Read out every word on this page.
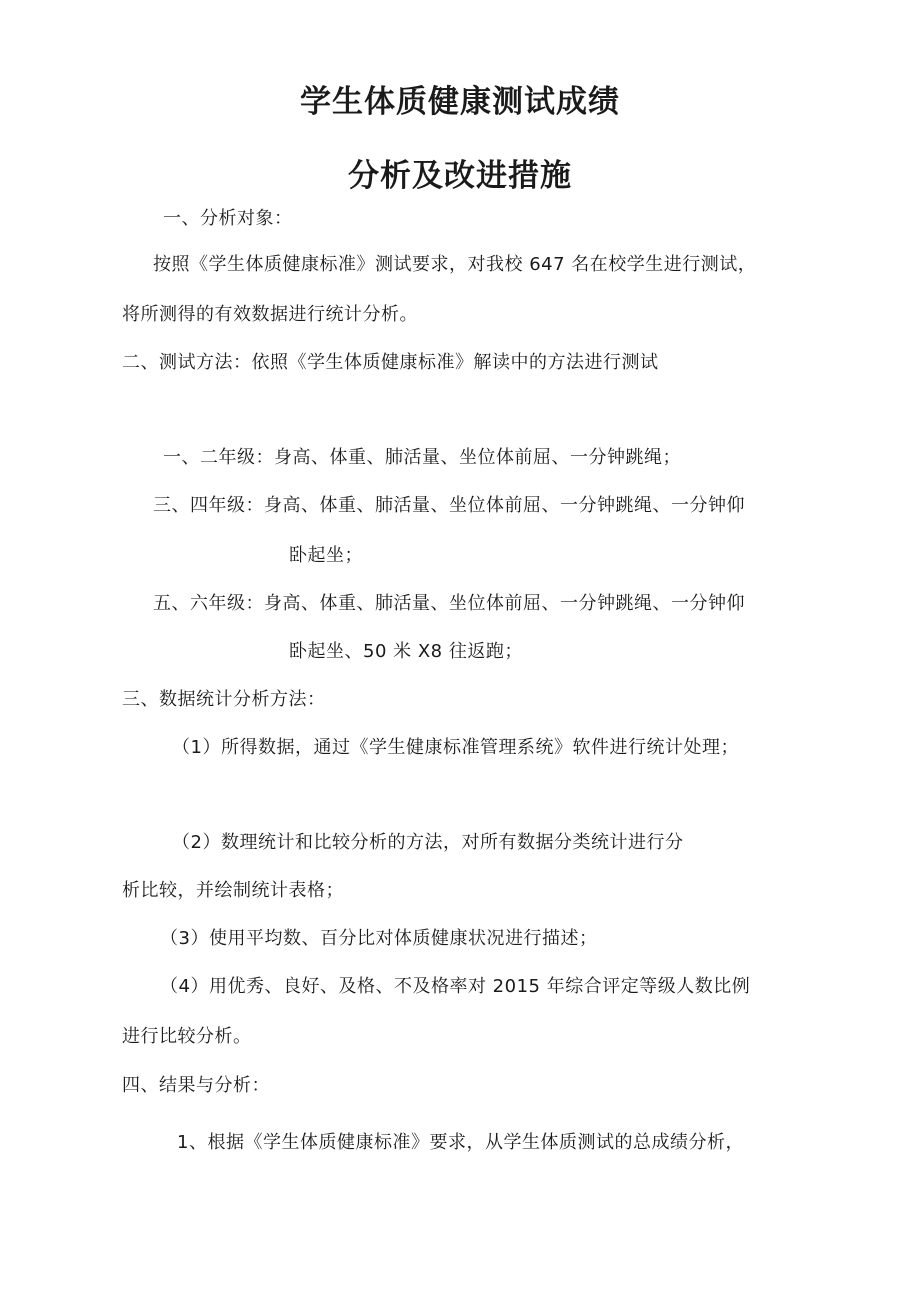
学生体质健康测试成绩
分析及改进措施
一、分析对象：
按照《学生体质健康标准》测试要求，对我校 647 名在校学生进行测试，
将所测得的有效数据进行统计分析。
二、测试方法：依照《学生体质健康标准》解读中的方法进行测试
一、二年级：身高、体重、肺活量、坐位体前屈、一分钟跳绳；
三、四年级：身高、体重、肺活量、坐位体前屈、一分钟跳绳、一分钟仰
卧起坐；
五、六年级：身高、体重、肺活量、坐位体前屈、一分钟跳绳、一分钟仰
卧起坐、50 米 X8 往返跑；
三、数据统计分析方法：
（1）所得数据，通过《学生健康标准管理系统》软件进行统计处理；
（2）数理统计和比较分析的方法，对所有数据分类统计进行分
析比较，并绘制统计表格；
（3）使用平均数、百分比对体质健康状况进行描述；
（4）用优秀、良好、及格、不及格率对 2015 年综合评定等级人数比例
进行比较分析。
四、结果与分析：
1、根据《学生体质健康标准》要求，从学生体质测试的总成绩分析，
